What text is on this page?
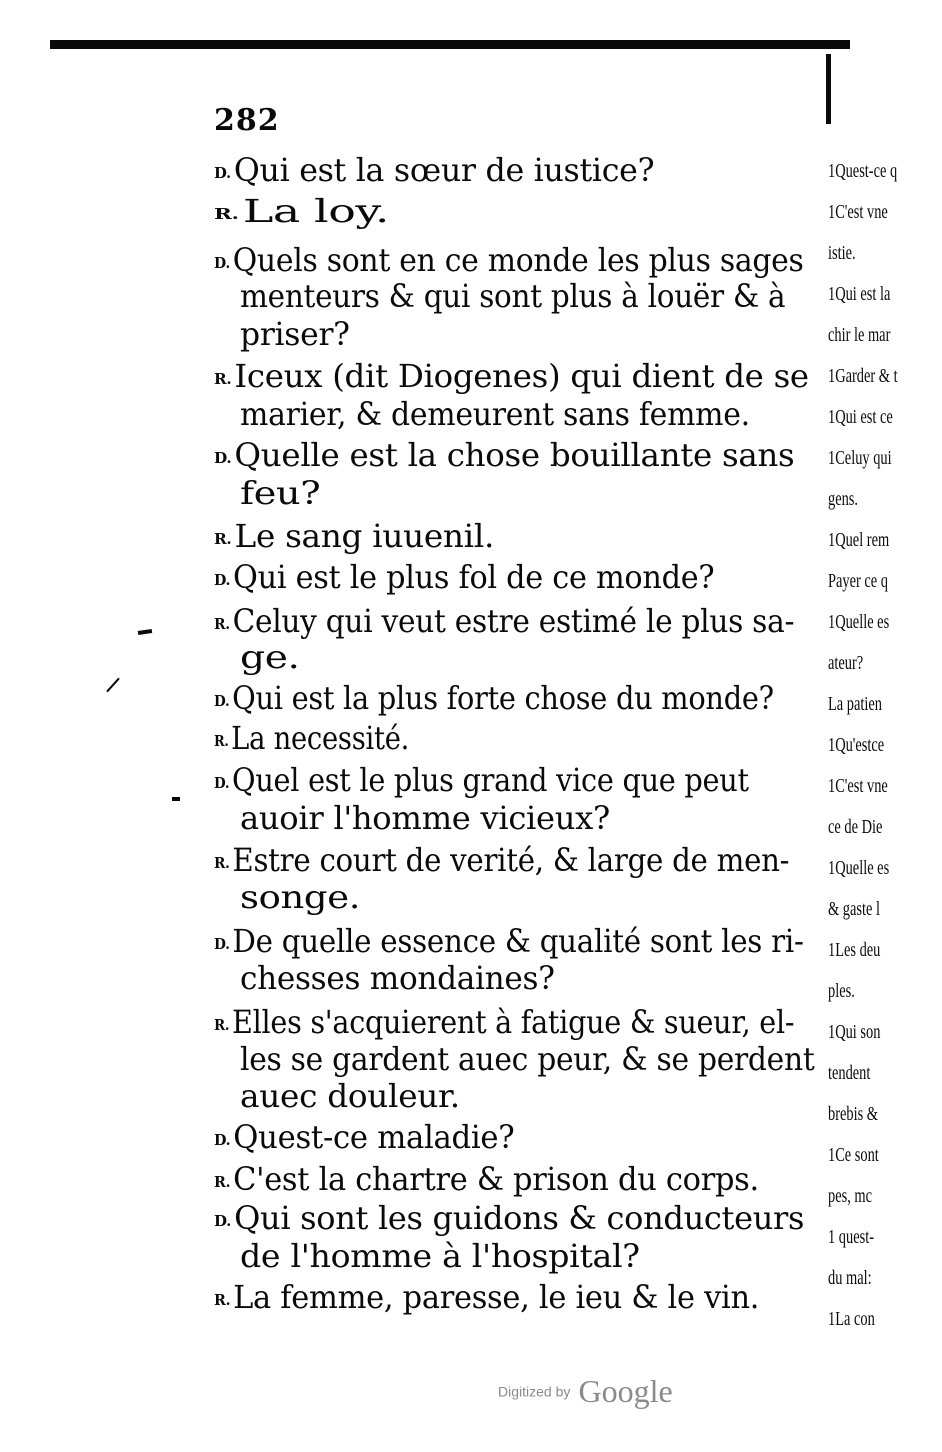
282
D.Qui est la sœur de iustice?
R. La loy.
D.Quels sont en ce monde les plus sages
menteurs & qui sont plus à louër & à
priser?
R.Iceux (dit Diogenes) qui dient de se
marier, & demeurent sans femme.
D.Quelle est la chose bouillante sans
feu?
R.Le sang iuuenil.
D.Qui est le plus fol de ce monde?
R.Celuy qui veut estre estimé le plus sa-
ge.
D.Qui est la plus forte chose du monde?
R.La necessité.
D.Quel est le plus grand vice que peut
auoir l'homme vicieux?
R.Estre court de verité, & large de men-
songe.
D.De quelle essence & qualité sont les ri-
chesses mondaines?
R.Elles s'acquierent à fatigue & sueur, el-
les se gardent auec peur, & se perdent
auec douleur.
D.Quest-ce maladie?
R.C'est la chartre & prison du corps.
D.Qui sont les guidons & conducteurs
de l'homme à l'hospital?
R.La femme, paresse, le ieu & le vin.
1Quest-ce q
1C'est vne
istie.
1Qui est la
chir le mar
1Garder & t
1Qui est ce
1Celuy qui
gens.
1Quel rem
Payer ce q
1Quelle es
ateur?
La patien
1Qu'estce
1C'est vne
ce de Die
1Quelle es
& gaste l
1Les deu
ples.
1Qui son
tendent
brebis &
1Ce sont
pes, mc
1 quest-
du mal:
1La con
Digitized by Google
